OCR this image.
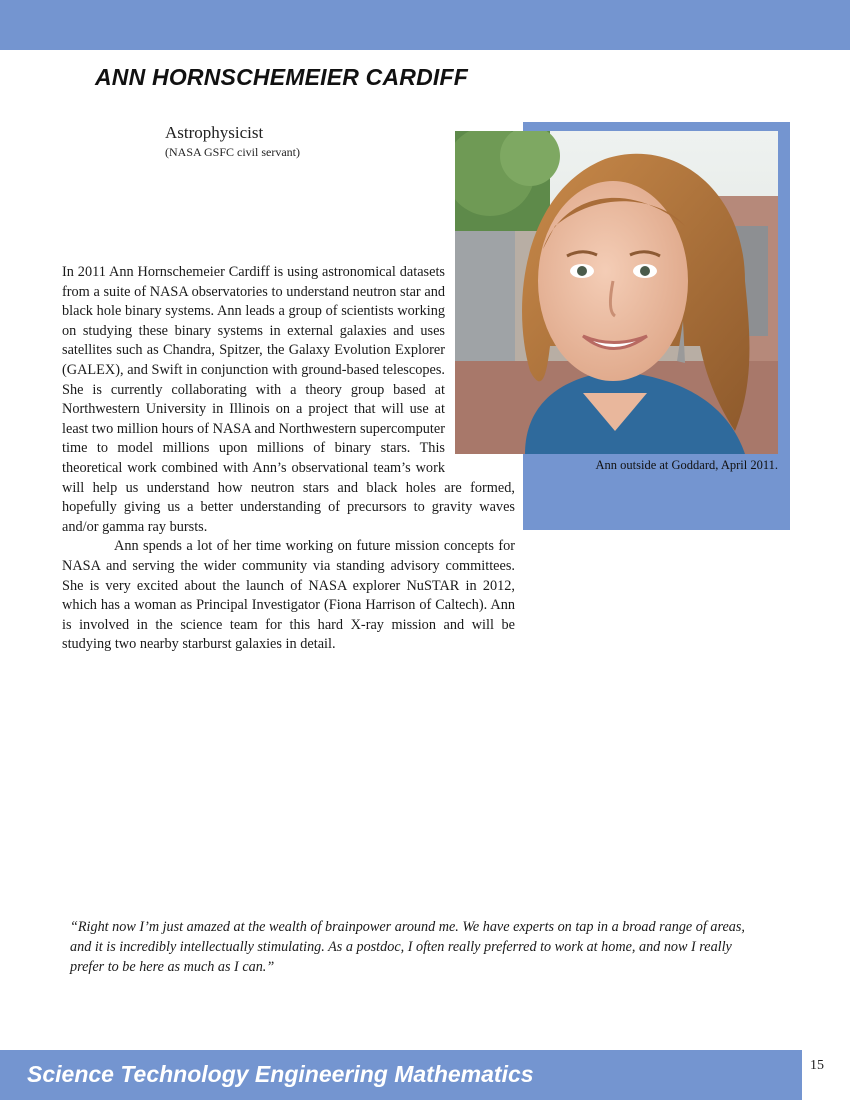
ANN HORNSCHEMEIER CARDIFF
Astrophysicist
(NASA GSFC civil servant)
Ann outside at Goddard, April 2011.

In 2011 Ann Hornschemeier Cardiff is using astronomical datasets from a suite of NASA observatories to understand neutron star and black hole binary systems. Ann leads a group of scientists working on studying these binary systems in external galaxies and uses satellites such as Chandra, Spitzer, the Galaxy Evolution Explorer (GALEX), and Swift in conjunction with ground-based telescopes. She is currently collaborating with a theory group based at Northwestern University in Illinois on a project that will use at least two million hours of NASA and Northwestern supercomputer time to model millions upon millions of binary stars. This theoretical work combined with Ann’s observational team’s work will help us understand how neutron stars and black holes are formed, hopefully giving us a better understanding of precursors to gravity waves and/or gamma ray bursts.

Ann spends a lot of her time working on future mission concepts for NASA and serving the wider community via standing advisory committees. She is very excited about the launch of NASA explorer NuSTAR in 2012, which has a woman as Principal Investigator (Fiona Harrison of Caltech). Ann is involved in the science team for this hard X-ray mission and will be studying two nearby starburst galaxies in detail.

“Right now I’m just amazed at the wealth of brainpower around me. We have experts on tap in a broad range of areas, and it is incredibly intellectually stimulating. As a postdoc, I often really preferred to work at home, and now I really prefer to be here as much as I can.”

Science Technology Engineering Mathematics	15
